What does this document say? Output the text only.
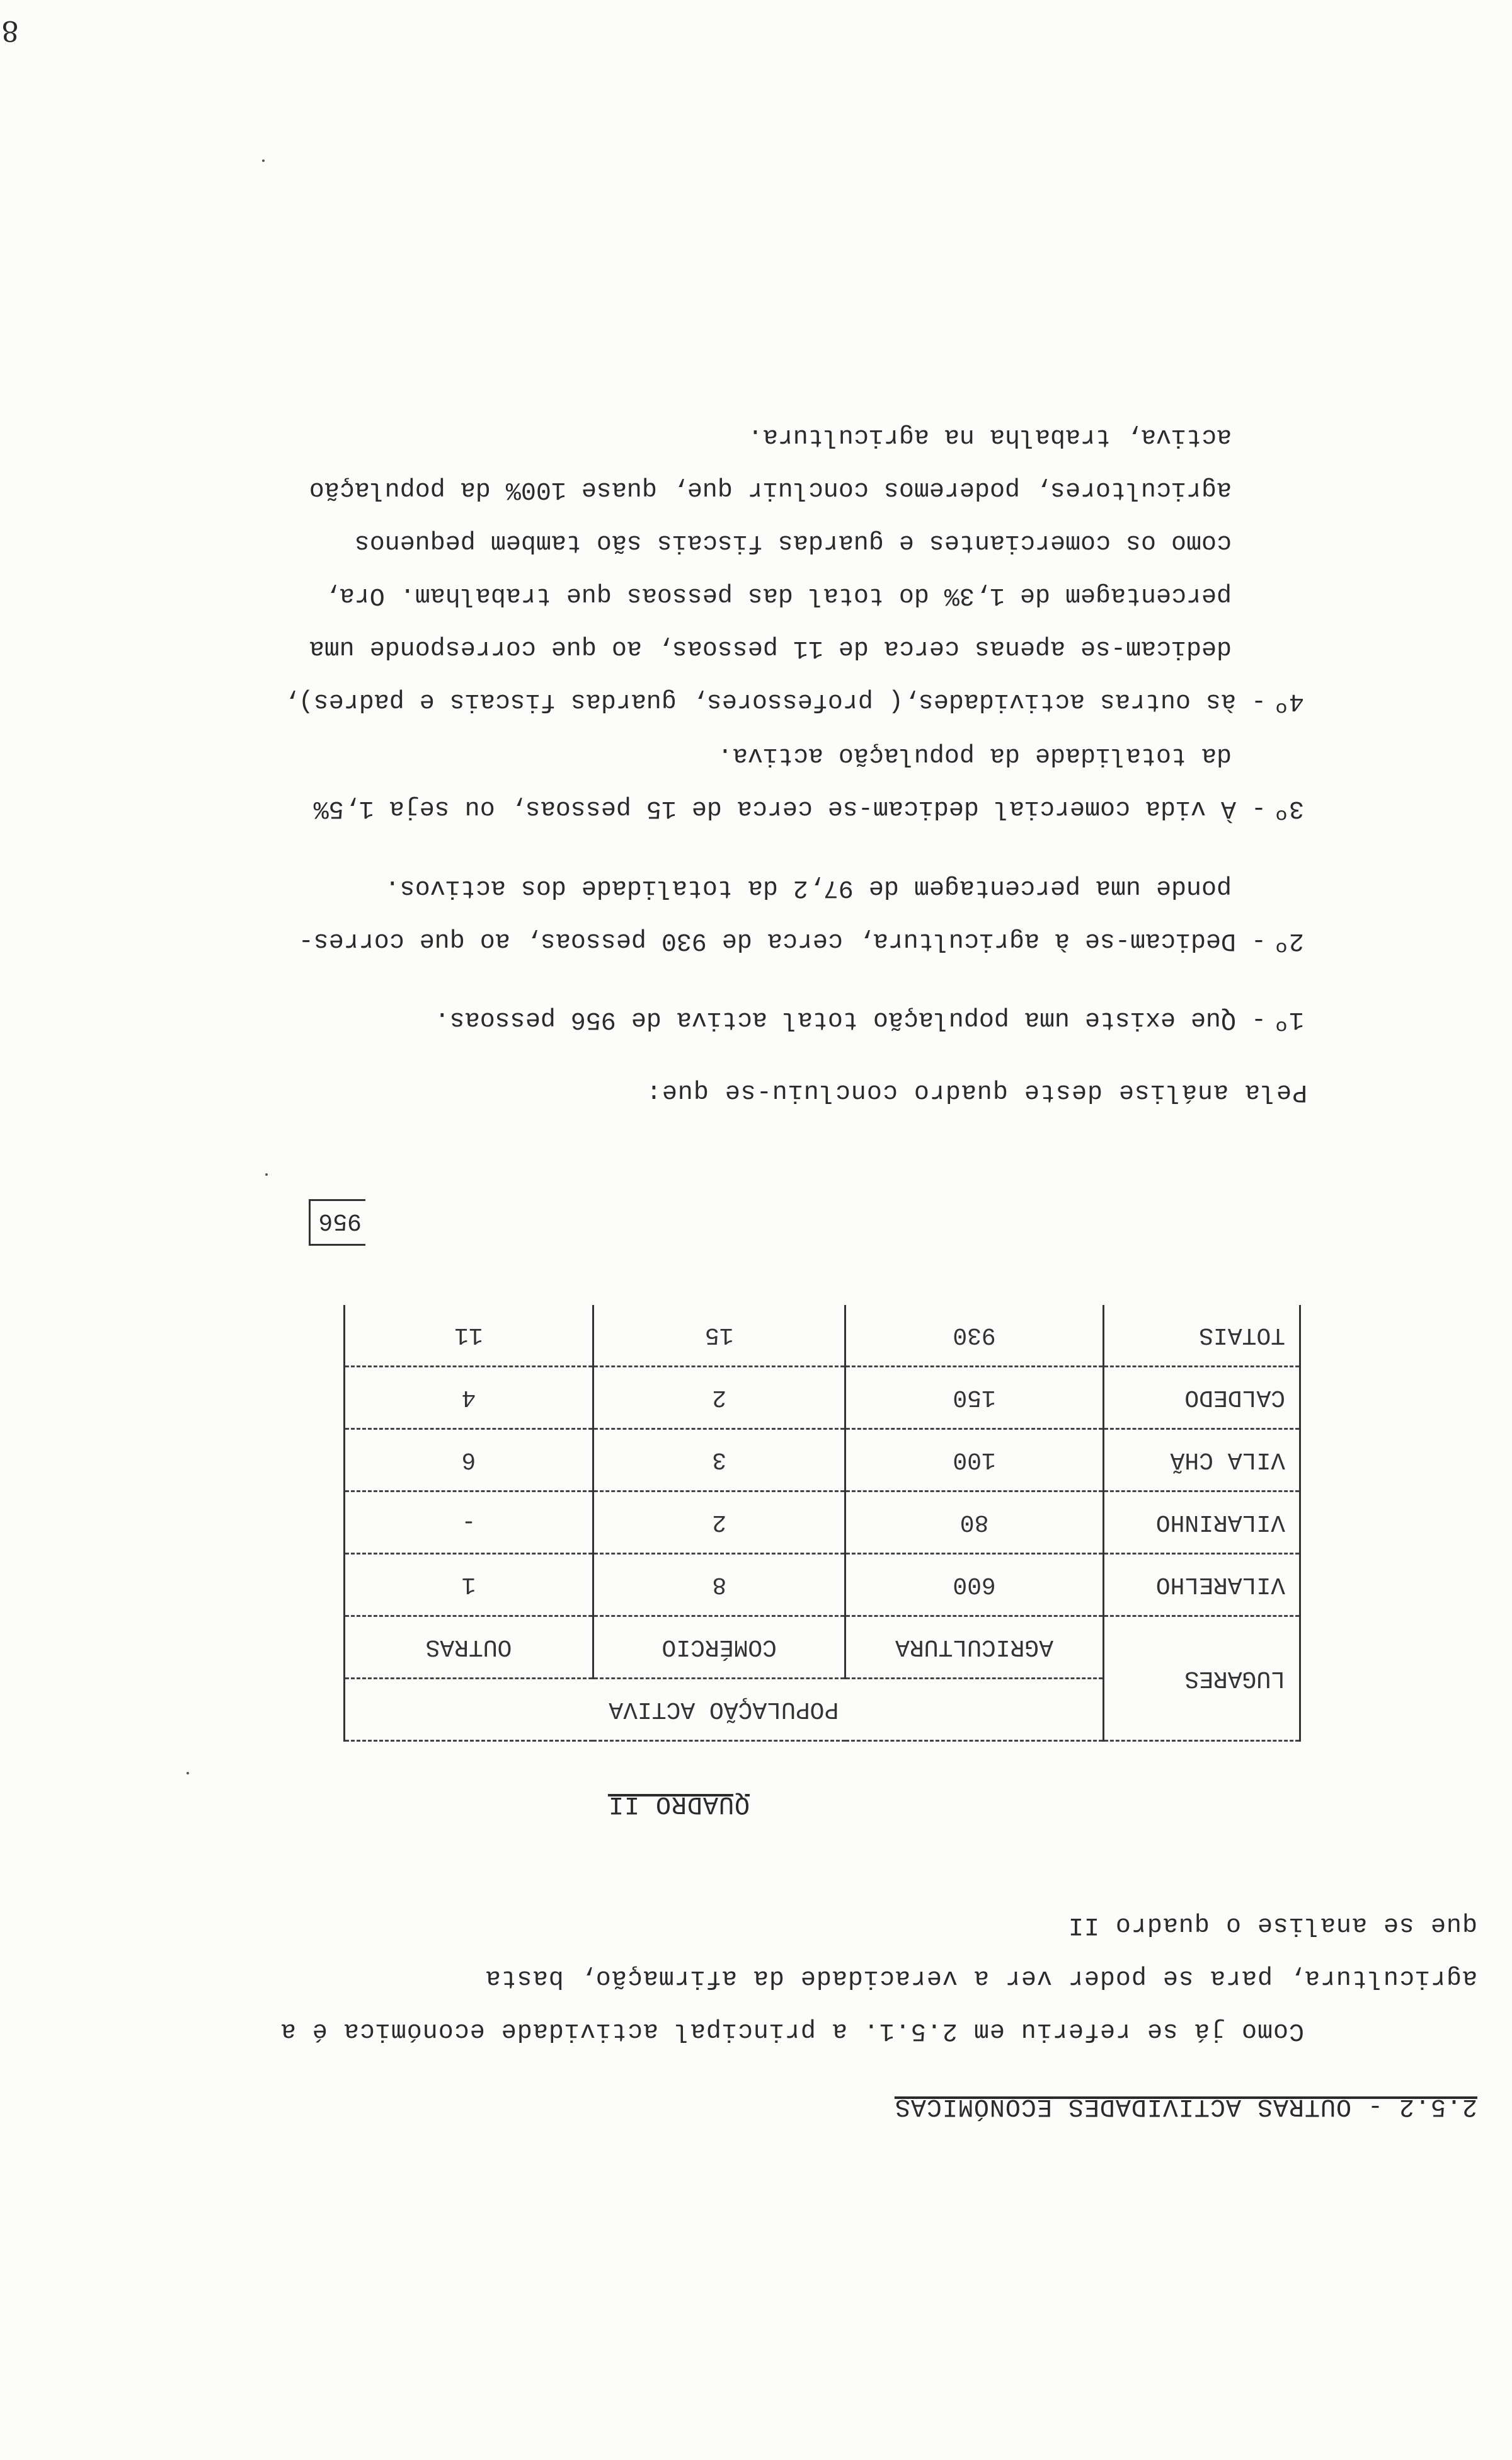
2.5.2 - OUTRAS ACTIVIDADES ECONÓMICAS
Como já se referiu em 2.5.1. a principal actividade económica é a
agricultura, para se poder ver a veracidade da afirmação, basta
que se analise o quadro II
QUADRO II
LUGARES	POPULAÇÃO ACTIVA		
	AGRICULTURA	COMÉRCIO	OUTRAS
VILARELHO	600	8	1
VILARINHO	80	2	-
VILA CHÃ	100	3	6
CALDEDO	150	2	4
TOTAIS	930	15	11
956
Pela análise deste quadro concluiu-se que:
1º
- Que existe uma população total activa de 956 pessoas.
2º
- Dedicam-se à agricultura, cerca de 930 pessoas, ao que corres-
ponde uma percentagem de 97,2 da totalidade dos activos.
3º
- À vida comercial dedicam-se cerca de 15 pessoas, ou seja 1,5%
da totalidade da população activa.
4º
- às outras actividades,( professores, guardas fiscais e padres),
dedicam-se apenas cerca de 11 pessoas, ao que corresponde uma
percentagem de 1,3% do total das pessoas que trabalham. Ora,
como os comerciantes e guardas fiscais são tambem pequenos
agricultores, poderemos concluir que, quase 100% da população
activa, trabalha na agricultura.
8
